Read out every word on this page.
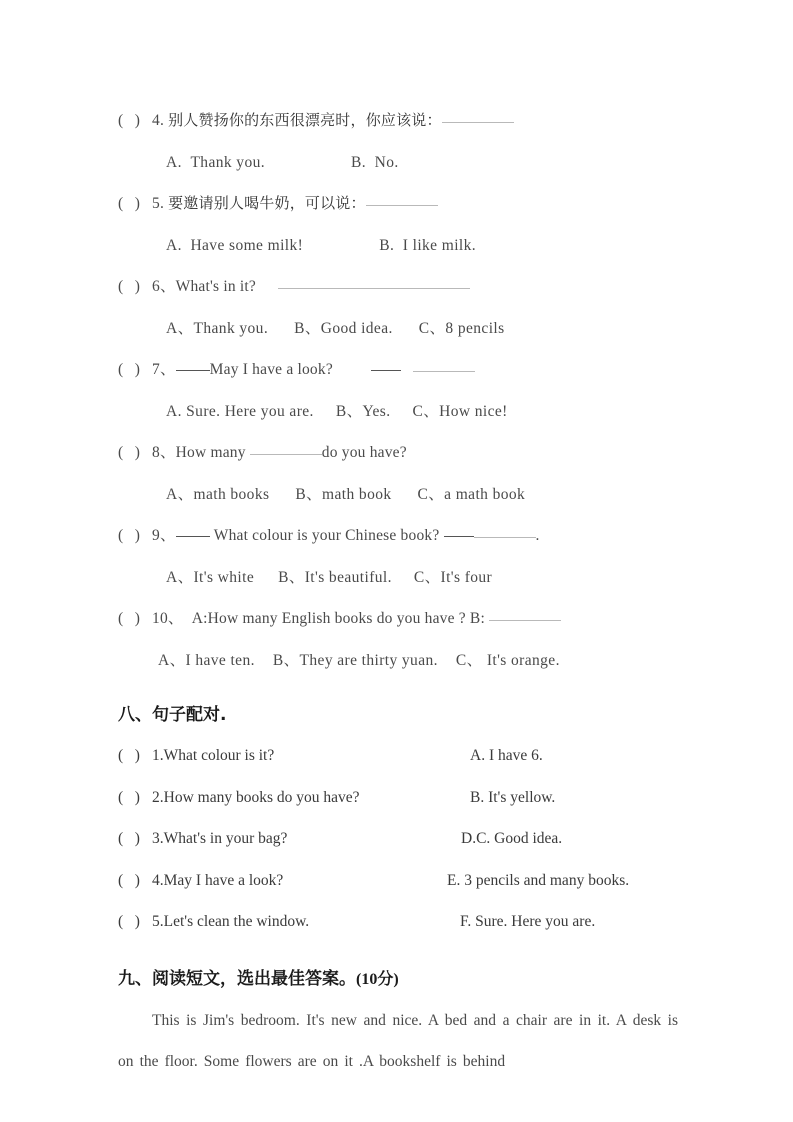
(   ) 4. 别人赞扬你的东西很漂亮时，你应该说：
A. Thank you.	B. No.
(   ) 5. 要邀请别人喝牛奶，可以说：
A. Have some milk!	B. I like milk.
(   ) 6、What's in it?
A、Thank you. B、Good idea. C、8 pencils
(   ) 7、 May I have a look?
A. Sure. Here you are. B、Yes. C、How nice!
(   ) 8、How many	do you have?
A、math books B、math book C、a math book
(   ) 9、 What colour is your Chinese book?	.
A、It's white B、It's beautiful. C、It's four
(   ) 10、 A:How many English books do you have ? B:
A、I have ten. B、They are thirty yuan. C、 It's orange.
八、句子配对.
(   ) 1.What colour is it?	A. I have 6.
(   ) 2.How many books do you have?	B. It's yellow.
(   ) 3.What's in your bag?	D.C. Good idea.
(   ) 4.May I have a look?	E. 3 pencils and many books.
(   ) 5.Let's clean the window.	F. Sure. Here you are.
九、阅读短文，选出最佳答案。(10分)
This is Jim's bedroom. It's new and nice. A bed and a chair are in it. A desk is on the floor. Some flowers are on it .A bookshelf is behind
